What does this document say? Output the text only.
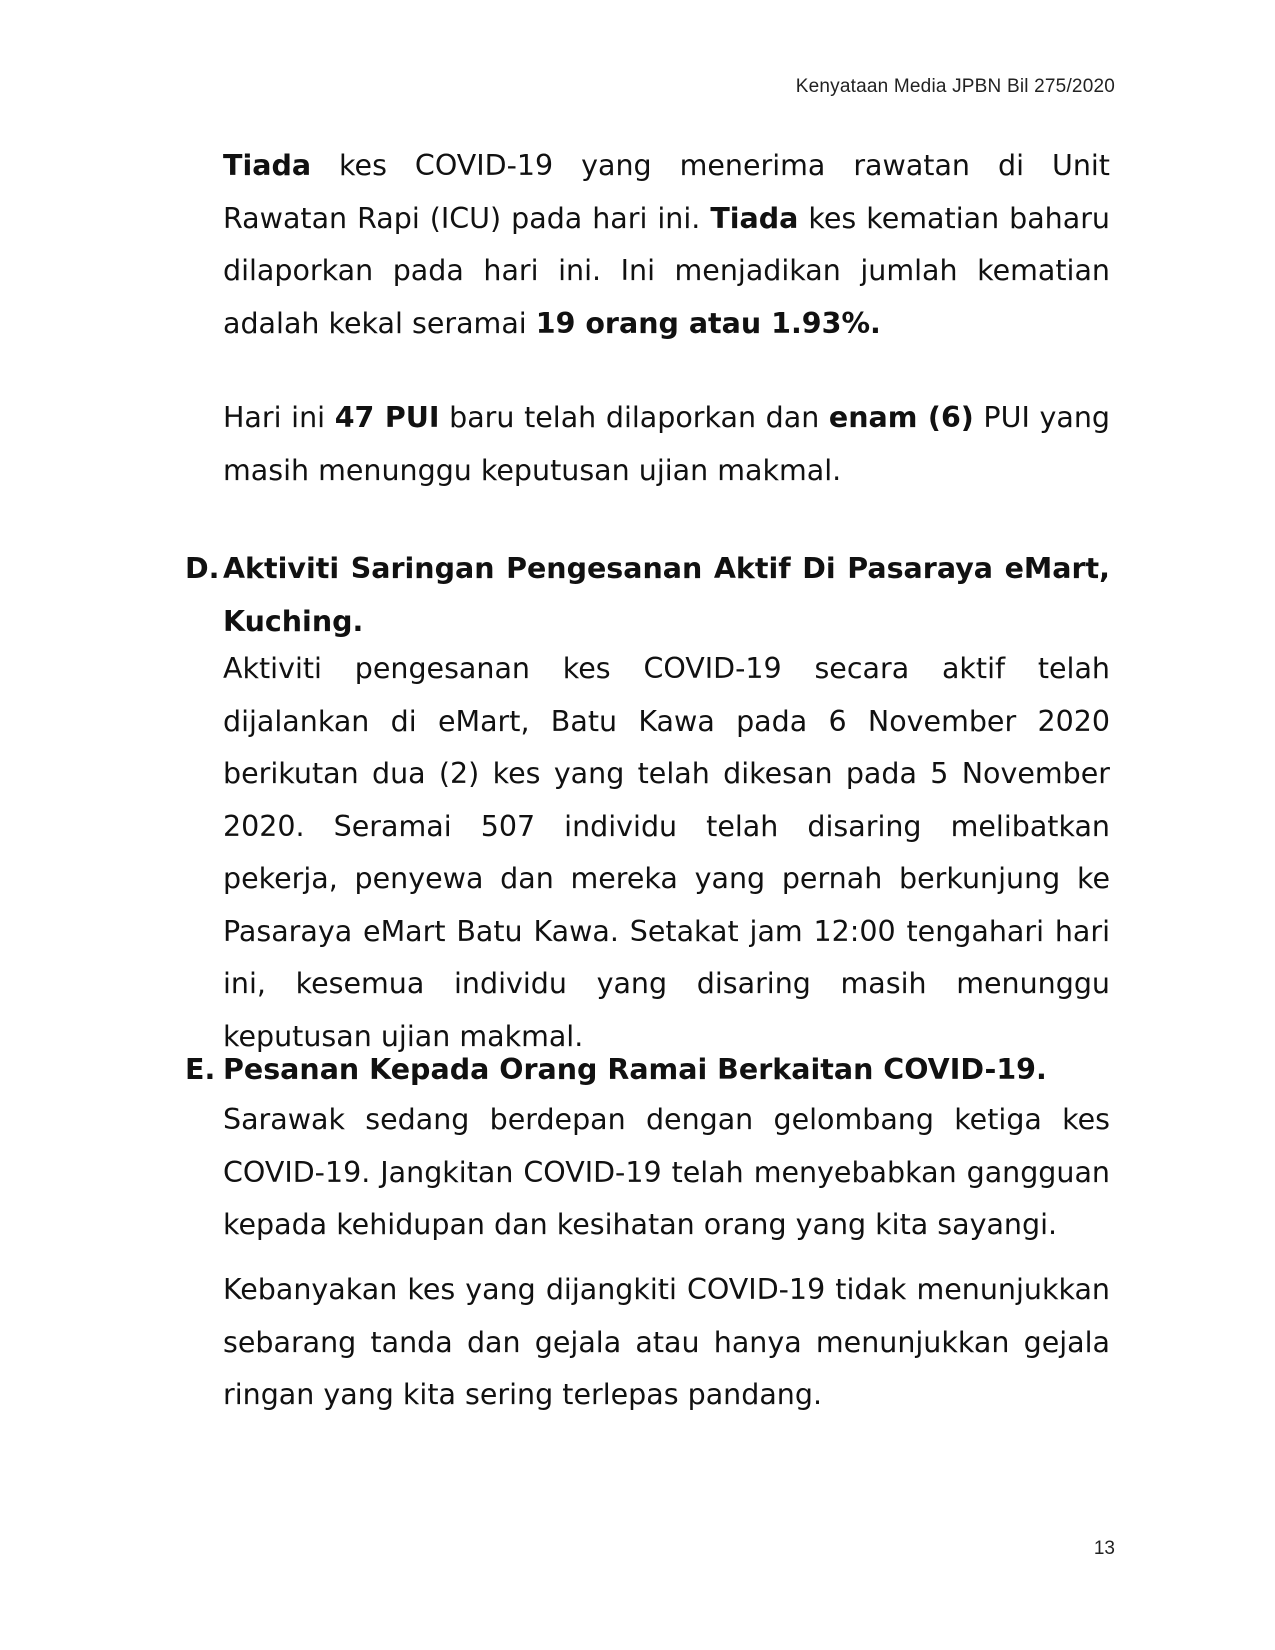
Kenyataan Media JPBN Bil 275/2020

Tiada kes COVID-19 yang menerima rawatan di Unit Rawatan Rapi (ICU) pada hari ini. Tiada kes kematian baharu dilaporkan pada hari ini. Ini menjadikan jumlah kematian adalah kekal seramai 19 orang atau 1.93%.

Hari ini 47 PUI baru telah dilaporkan dan enam (6) PUI yang masih menunggu keputusan ujian makmal.

D. Aktiviti Saringan Pengesanan Aktif Di Pasaraya eMart,
Kuching.

Aktiviti pengesanan kes COVID-19 secara aktif telah dijalankan di eMart, Batu Kawa pada 6 November 2020 berikutan dua (2) kes yang telah dikesan pada 5 November 2020. Seramai 507 individu telah disaring melibatkan pekerja, penyewa dan mereka yang pernah berkunjung ke Pasaraya eMart Batu Kawa. Setakat jam 12:00 tengahari hari ini, kesemua individu yang disaring masih menunggu keputusan ujian makmal.

E. Pesanan Kepada Orang Ramai Berkaitan COVID-19.

Sarawak sedang berdepan dengan gelombang ketiga kes COVID-19. Jangkitan COVID-19 telah menyebabkan gangguan kepada kehidupan dan kesihatan orang yang kita sayangi.

Kebanyakan kes yang dijangkiti COVID-19 tidak menunjukkan sebarang tanda dan gejala atau hanya menunjukkan gejala ringan yang kita sering terlepas pandang.

13
